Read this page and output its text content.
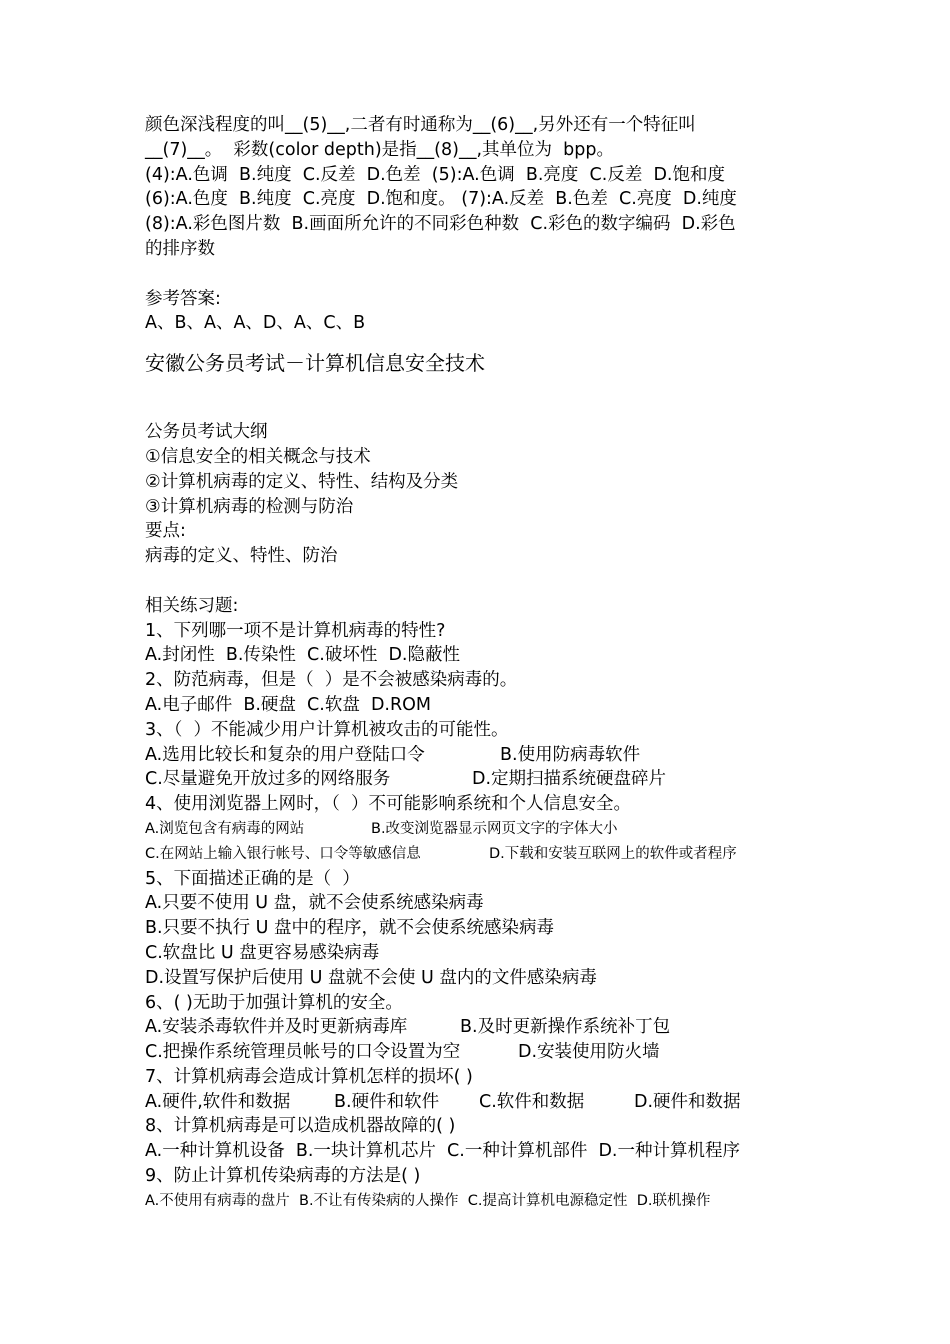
颜色深浅程度的叫__(5)__,二者有时通称为__(6)__,另外还有一个特征叫
__(7)__。  彩数(color depth)是指__(8)__,其单位为  bpp。
(4):A.色调  B.纯度  C.反差  D.色差  (5):A.色调  B.亮度  C.反差  D.饱和度
(6):A.色度  B.纯度  C.亮度  D.饱和度。 (7):A.反差  B.色差  C.亮度  D.纯度
(8):A.彩色图片数  B.画面所允许的不同彩色种数  C.彩色的数字编码  D.彩色
的排序数
参考答案:
A、B、A、A、D、A、C、B
安徽公务员考试－计算机信息安全技术
公务员考试大纲
①信息安全的相关概念与技术
②计算机病毒的定义、特性、结构及分类
③计算机病毒的检测与防治
要点:
病毒的定义、特性、防治
相关练习题:
1、下列哪一项不是计算机病毒的特性?
A.封闭性  B.传染性  C.破坏性  D.隐蔽性
2、防范病毒，但是（  ）是不会被感染病毒的。
A.电子邮件  B.硬盘  C.软盘  D.ROM
3、（  ）不能减少用户计算机被攻击的可能性。
A.选用比较长和复杂的用户登陆口令	B.使用防病毒软件
C.尽量避免开放过多的网络服务	D.定期扫描系统硬盘碎片
4、使用浏览器上网时，（  ）不可能影响系统和个人信息安全。
A.浏览包含有病毒的网站	B.改变浏览器显示网页文字的字体大小
C.在网站上输入银行帐号、口令等敏感信息	D.下载和安装互联网上的软件或者程序
5、下面描述正确的是（  ）
A.只要不使用 U 盘，就不会使系统感染病毒
B.只要不执行 U 盘中的程序，就不会使系统感染病毒
C.软盘比 U 盘更容易感染病毒
D.设置写保护后使用 U 盘就不会使 U 盘内的文件感染病毒
6、( )无助于加强计算机的安全。
A.安装杀毒软件并及时更新病毒库	B.及时更新操作系统补丁包
C.把操作系统管理员帐号的口令设置为空	D.安装使用防火墙
7、计算机病毒会造成计算机怎样的损坏( )
A.硬件,软件和数据	B.硬件和软件	C.软件和数据	D.硬件和数据
8、计算机病毒是可以造成机器故障的( )
A.一种计算机设备  B.一块计算机芯片  C.一种计算机部件  D.一种计算机程序
9、防止计算机传染病毒的方法是( )
A.不使用有病毒的盘片  B.不让有传染病的人操作  C.提高计算机电源稳定性  D.联机操作
